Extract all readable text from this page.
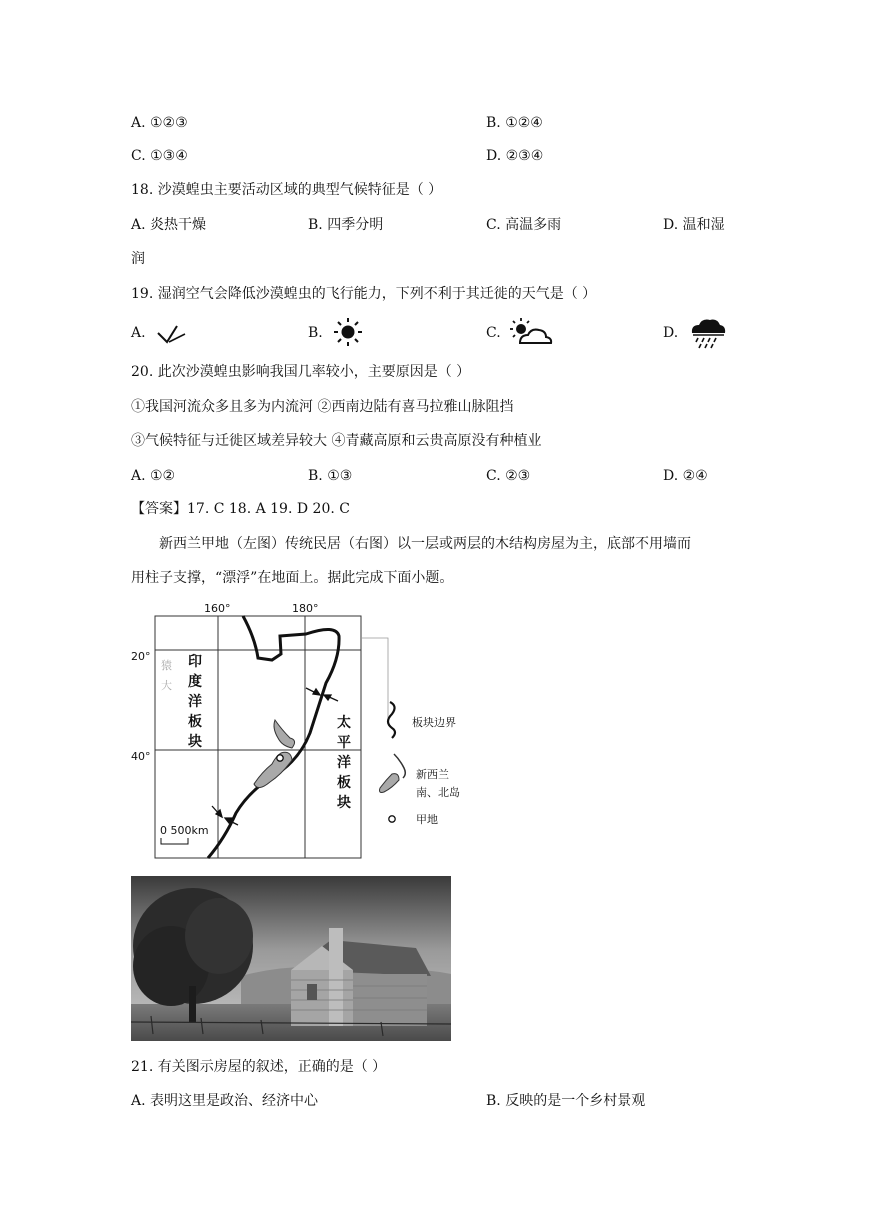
A. ①②③	B. ①②④
C. ①③④	D. ②③④
18. 沙漠蝗虫主要活动区域的典型气候特征是（ ）
A. 炎热干燥	B. 四季分明	C. 高温多雨	D. 温和湿
润
19. 湿润空气会降低沙漠蝗虫的飞行能力，下列不利于其迁徙的天气是（ ）
A.	B.	C.	D.
20. 此次沙漠蝗虫影响我国几率较小，主要原因是（ ）
①我国河流众多且多为内流河 ②西南边陆有喜马拉雅山脉阻挡
③气候特征与迁徙区域差异较大 ④青藏高原和云贵高原没有种植业
A. ①②	B. ①③	C. ②③	D. ②④
【答案】17. C 18. A 19. D 20. C
新西兰甲地（左图）传统民居（右图）以一层或两层的木结构房屋为主，底部不用墙而
用柱子支撑，“漂浮”在地面上。据此完成下面小题。
160°	180°
20°
40°
印
度
洋
板
块
猿
大
太
平
洋
板
块
0 500km
板块边界
新西兰
南、北岛
甲地
21. 有关图示房屋的叙述，正确的是（ ）
A. 表明这里是政治、经济中心	B. 反映的是一个乡村景观
